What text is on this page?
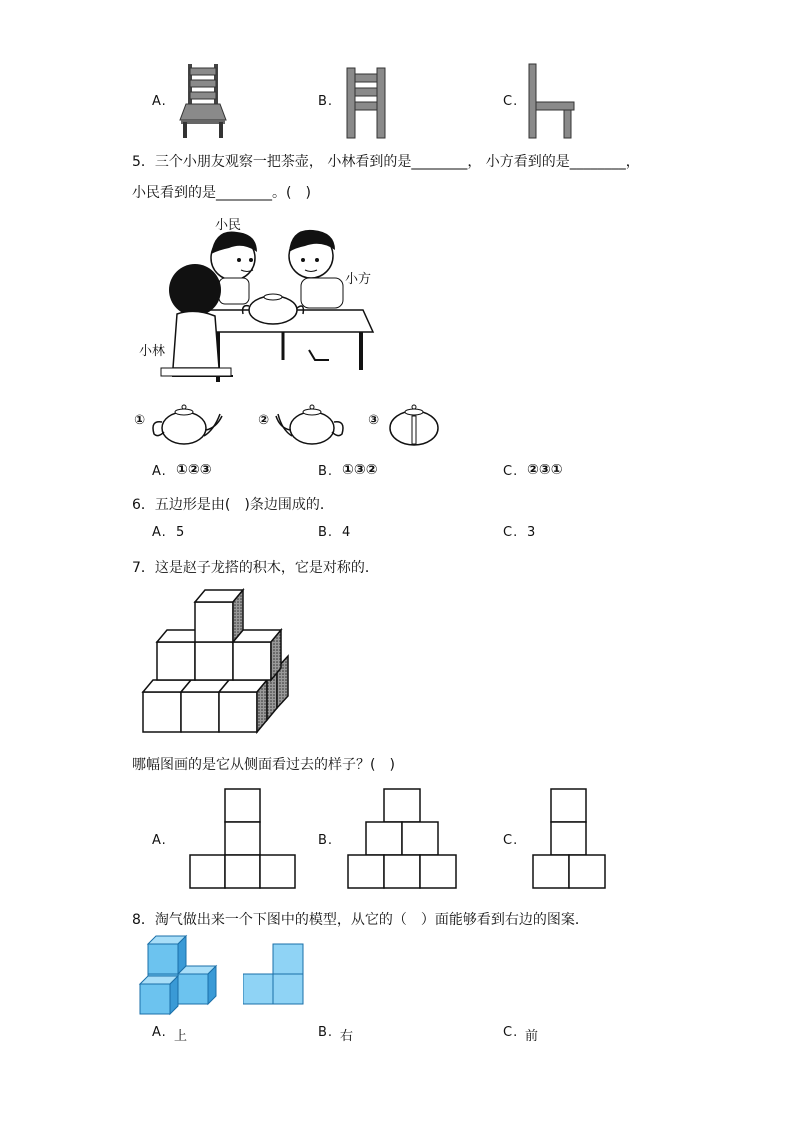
A.	B.	C.
5．三个小朋友观察一把茶壶， 小林看到的是________， 小方看到的是________，
小民看到的是________。(　)
小民
小方
小林
①	②	③
A. ①②③	B. ①③②	C. ②③①
6．五边形是由(　)条边围成的．
A. 5	B. 4	C. 3
7．这是赵子龙搭的积木，它是对称的．
哪幅图画的是它从侧面看过去的样子？(　)
A.	B.	C.
8．淘气做出来一个下图中的模型，从它的（　）面能够看到右边的图案．
A. 上	B. 右	C. 前
